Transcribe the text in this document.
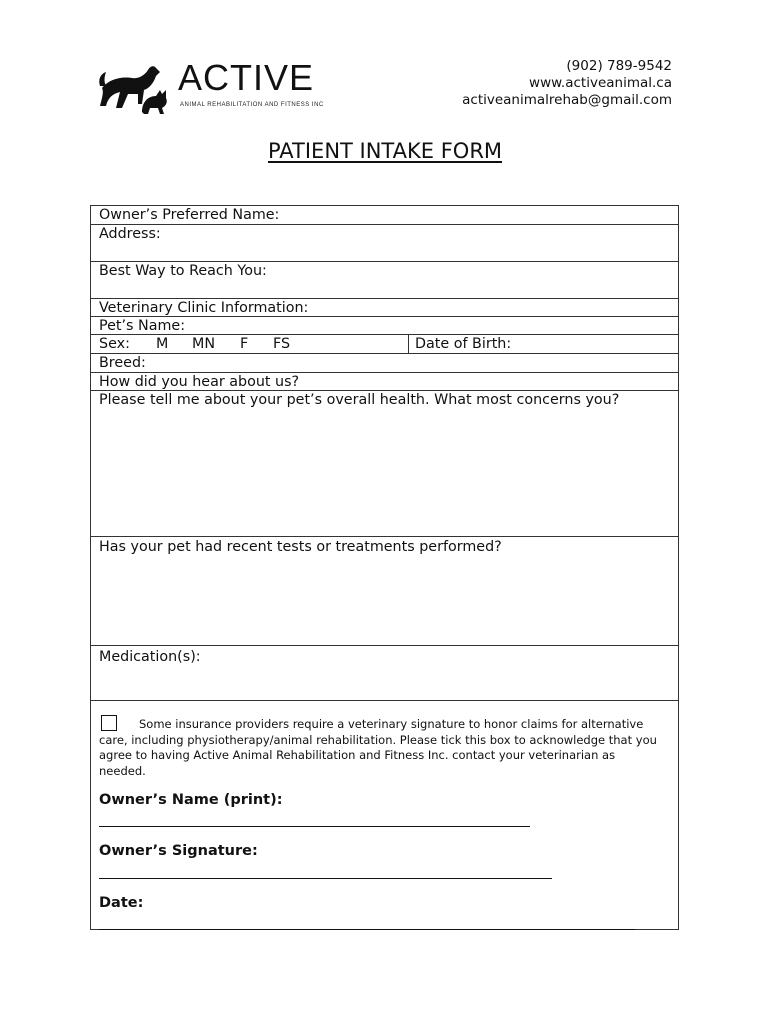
ACTIVE
ANIMAL REHABILITATION AND FITNESS INC
(902) 789-9542
www.activeanimal.ca
activeanimalrehab@gmail.com
PATIENT INTAKE FORM
Owner’s Preferred Name:
Address:
Best Way to Reach You:
Veterinary Clinic Information:
Pet’s Name:
Sex: M MN F FS	Date of Birth:
Breed:
How did you hear about us?
Please tell me about your pet’s overall health. What most concerns you?
Has your pet had recent tests or treatments performed?
Medication(s):
Some insurance providers require a veterinary signature to honor claims for alternative care, including physiotherapy/animal rehabilitation. Please tick this box to acknowledge that you agree to having Active Animal Rehabilitation and Fitness Inc. contact your veterinarian as needed.
Owner’s Name (print):
Owner’s Signature:
Date:
